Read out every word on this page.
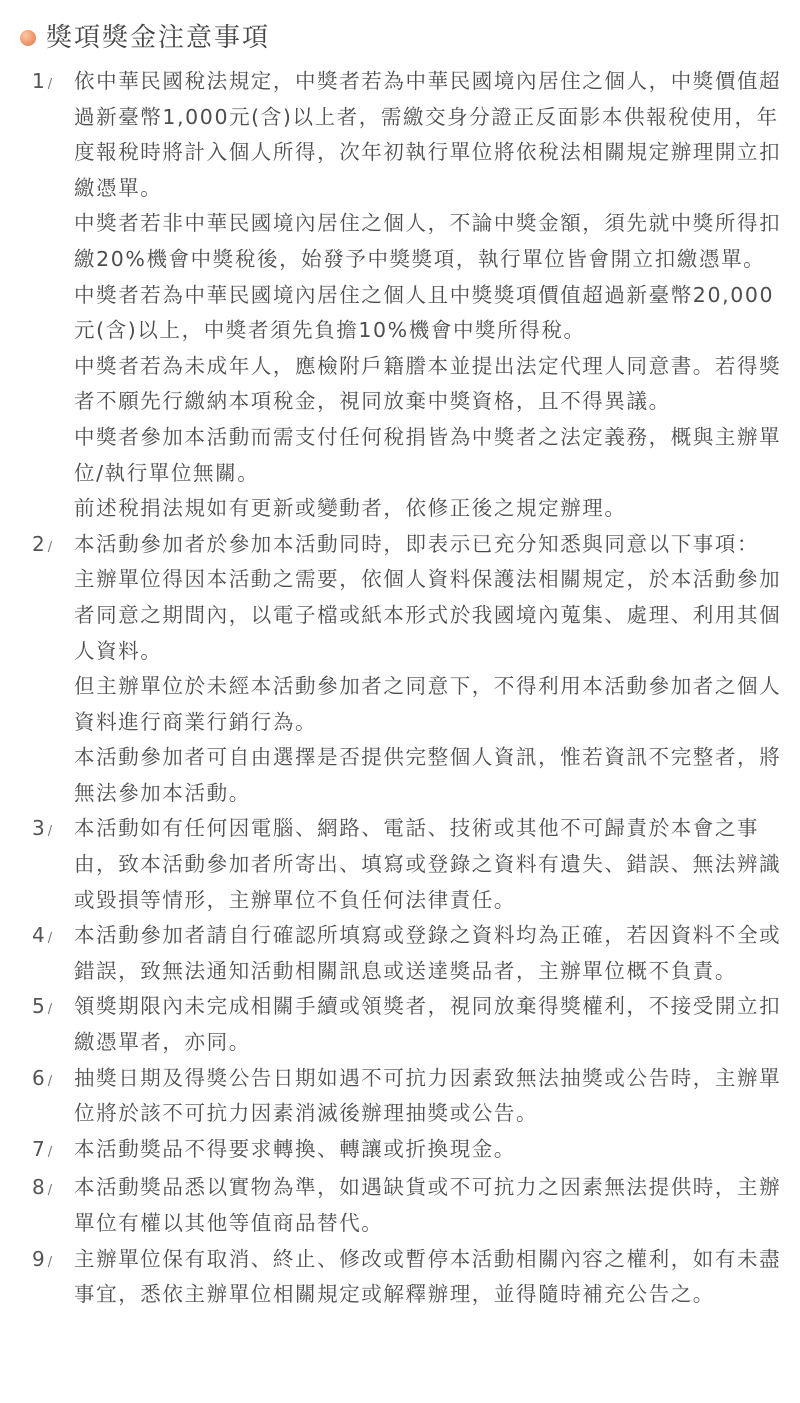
獎項獎金注意事項
1 /	依中華民國稅法規定，中獎者若為中華民國境內居住之個人，中獎價值超過新臺幣1,000元(含)以上者，需繳交身分證正反面影本供報稅使用，年度報稅時將計入個人所得，次年初執行單位將依稅法相關規定辦理開立扣繳憑單。

中獎者若非中華民國境內居住之個人，不論中獎金額，須先就中獎所得扣繳20%機會中獎稅後，始發予中獎獎項，執行單位皆會開立扣繳憑單。

中獎者若為中華民國境內居住之個人且中獎獎項價值超過新臺幣20,000 元(含)以上，中獎者須先負擔10%機會中獎所得稅。

中獎者若為未成年人，應檢附戶籍謄本並提出法定代理人同意書。若得獎者不願先行繳納本項稅金，視同放棄中獎資格，且不得異議。

中獎者參加本活動而需支付任何稅捐皆為中獎者之法定義務，概與主辦單位/執行單位無關。

前述稅捐法規如有更新或變動者，依修正後之規定辦理。

2 /	本活動參加者於參加本活動同時，即表示已充分知悉與同意以下事項：

主辦單位得因本活動之需要，依個人資料保護法相關規定，於本活動參加者同意之期間內，以電子檔或紙本形式於我國境內蒐集、處理、利用其個人資料。

但主辦單位於未經本活動參加者之同意下，不得利用本活動參加者之個人資料進行商業行銷行為。

本活動參加者可自由選擇是否提供完整個人資訊，惟若資訊不完整者，將無法參加本活動。

3 /	本活動如有任何因電腦、網路、電話、技術或其他不可歸責於本會之事由，致本活動參加者所寄出、填寫或登錄之資料有遺失、錯誤、無法辨識或毀損等情形，主辦單位不負任何法律責任。

4 /	本活動參加者請自行確認所填寫或登錄之資料均為正確，若因資料不全或錯誤，致無法通知活動相關訊息或送達獎品者，主辦單位概不負責。

5 /	領獎期限內未完成相關手續或領獎者，視同放棄得獎權利，不接受開立扣繳憑單者，亦同。

6 /	抽獎日期及得獎公告日期如遇不可抗力因素致無法抽獎或公告時，主辦單位將於該不可抗力因素消滅後辦理抽獎或公告。

7 /	本活動獎品不得要求轉換、轉讓或折換現金。

8 /	本活動獎品悉以實物為準，如遇缺貨或不可抗力之因素無法提供時，主辦單位有權以其他等值商品替代。

9 /	主辦單位保有取消、終止、修改或暫停本活動相關內容之權利，如有未盡事宜，悉依主辦單位相關規定或解釋辦理，並得隨時補充公告之。
